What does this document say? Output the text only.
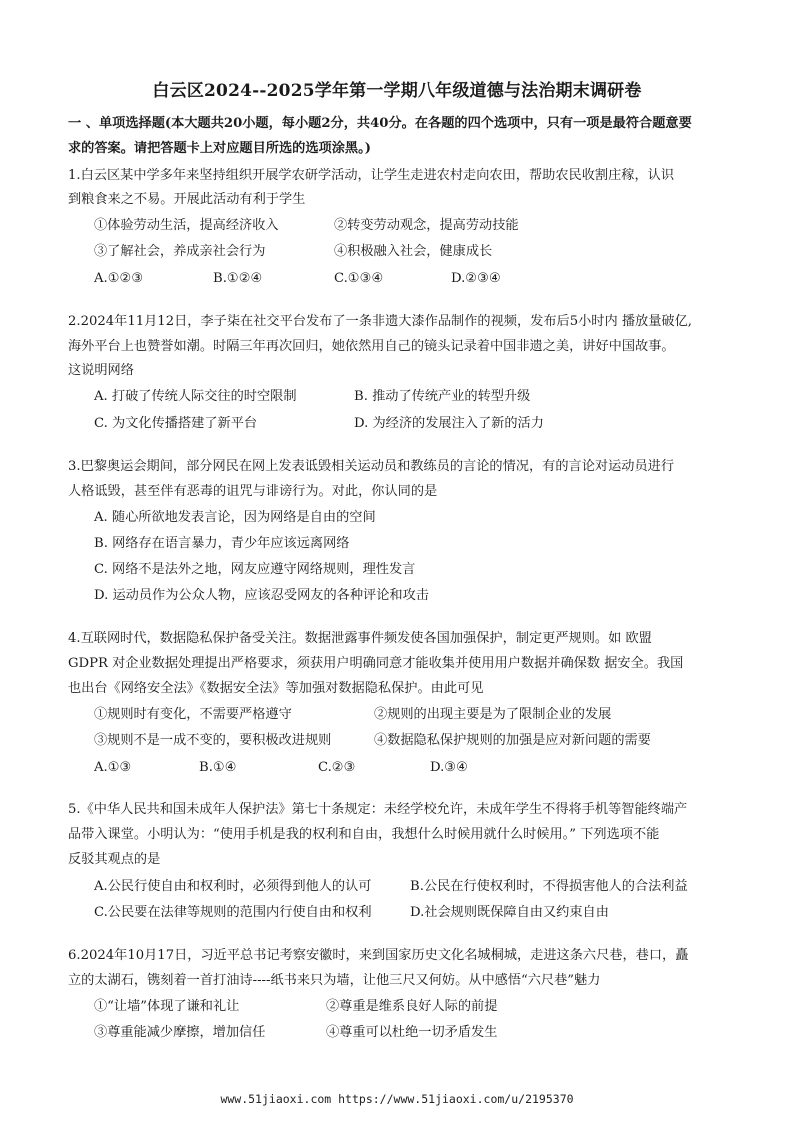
白云区2024--2025学年第一学期八年级道德与法治期末调研卷
一 、单项选择题(本大题共20小题，每小题2分，共40分。在各题的四个选项中，只有一项是最符合题意要
求的答案。请把答题卡上对应题目所选的选项涂黑。)
1.白云区某中学多年来坚持组织开展学农研学活动，让学生走进农村走向农田，帮助农民收割庄稼，认识
到粮食来之不易。开展此活动有利于学生
①体验劳动生活，提高经济收入	②转变劳动观念，提高劳动技能
③了解社会，养成亲社会行为	④积极融入社会，健康成长
A.①②③	B.①②④	C.①③④	D.②③④
2.2024年11月12日，李子柒在社交平台发布了一条非遗大漆作品制作的视频，发布后5小时内 播放量破亿,
海外平台上也赞誉如潮。时隔三年再次回归，她依然用自己的镜头记录着中国非遗之美，讲好中国故事。
这说明网络
A. 打破了传统人际交往的时空限制	B. 推动了传统产业的转型升级
C. 为文化传播搭建了新平台	D. 为经济的发展注入了新的活力
3.巴黎奥运会期间，部分网民在网上发表诋毁相关运动员和教练员的言论的情况，有的言论对运动员进行
人格诋毁，甚至伴有恶毒的诅咒与诽谤行为。对此，你认同的是
A. 随心所欲地发表言论，因为网络是自由的空间
B. 网络存在语言暴力，青少年应该远离网络
C. 网络不是法外之地，网友应遵守网络规则，理性发言
D. 运动员作为公众人物，应该忍受网友的各种评论和攻击
4.互联网时代，数据隐私保护备受关注。数据泄露事件频发使各国加强保护，制定更严规则。如 欧盟
GDPR 对企业数据处理提出严格要求，须获用户明确同意才能收集并使用用户数据并确保数 据安全。我国
也出台《网络安全法》《数据安全法》等加强对数据隐私保护。由此可见
①规则时有变化，不需要严格遵守	②规则的出现主要是为了限制企业的发展
③规则不是一成不变的，要积极改进规则	④数据隐私保护规则的加强是应对新问题的需要
A.①③	B.①④	C.②③	D.③④
5.《中华人民共和国未成年人保护法》第七十条规定：未经学校允许，未成年学生不得将手机等智能终端产
品带入课堂。小明认为：“使用手机是我的权利和自由，我想什么时候用就什么时候用。” 下列选项不能
反驳其观点的是
A.公民行使自由和权利时，必须得到他人的认可	B.公民在行使权利时，不得损害他人的合法利益
C.公民要在法律等规则的范围内行使自由和权利	D.社会规则既保障自由又约束自由
6.2024年10月17日，习近平总书记考察安徽时，来到国家历史文化名城桐城，走进这条六尺巷，巷口，矗
立的太湖石，镌刻着一首打油诗----纸书来只为墙，让他三尺又何妨。从中感悟“六尺巷”魅力
①“让墙”体现了谦和礼让	②尊重是维系良好人际的前提
③尊重能减少摩擦，增加信任	④尊重可以杜绝一切矛盾发生
www.51jiaoxi.com https://www.51jiaoxi.com/u/2195370
